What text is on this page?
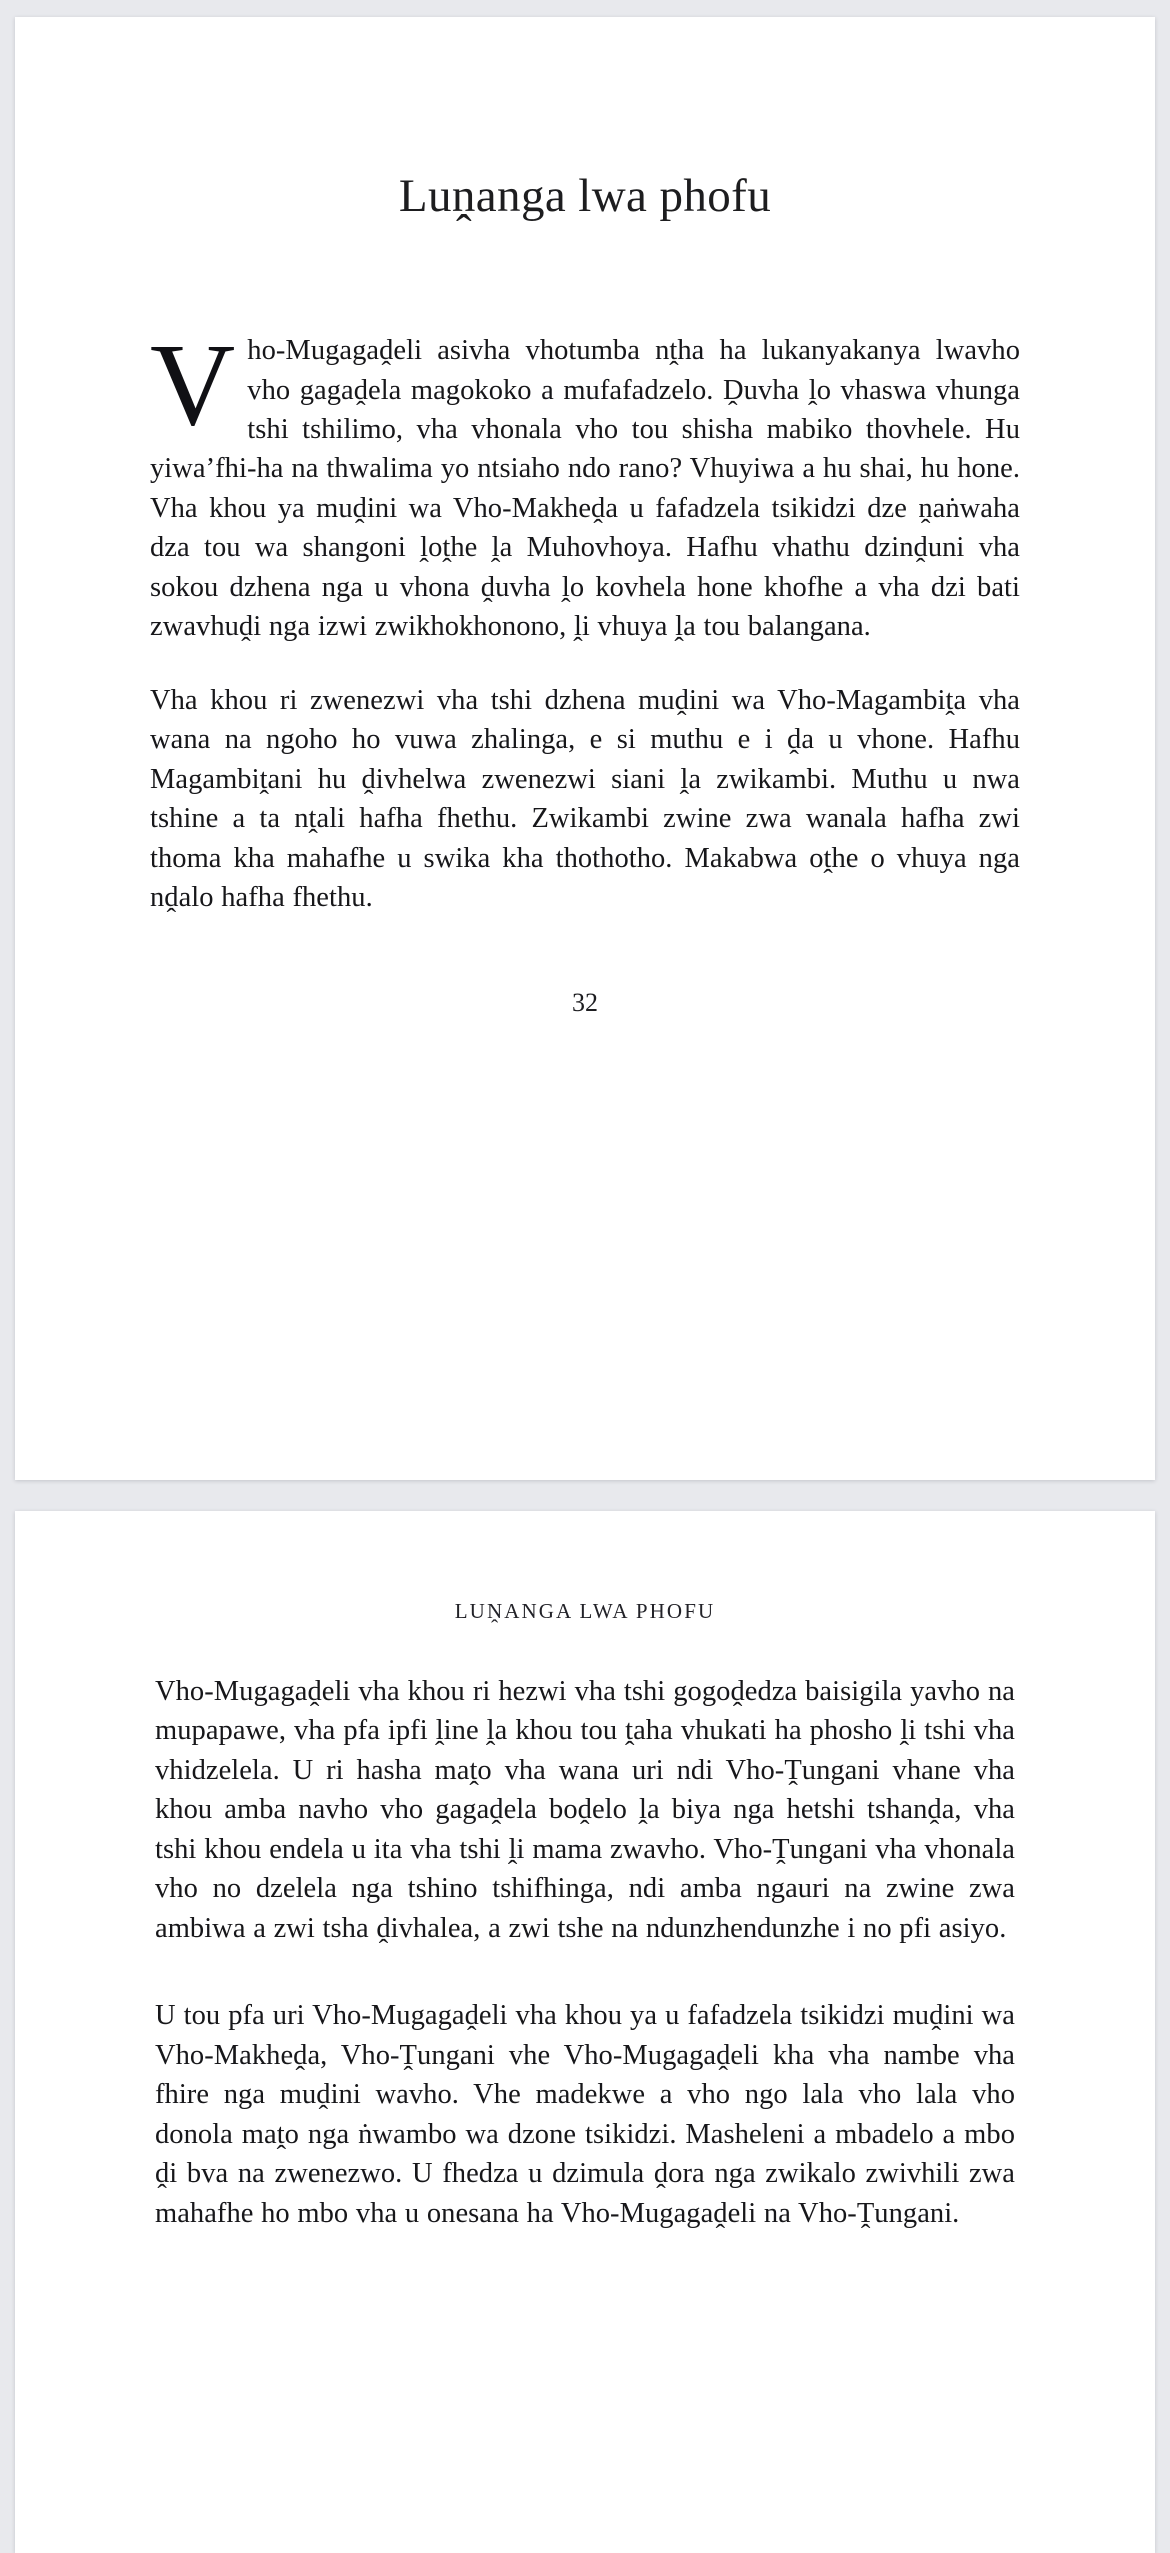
Luṋanga lwa phofu

Vho-Mugagaḓeli asivha vhotumba nṱha ha lukanyakanya lwavho vho gagaḓela magokoko a mufafadzelo. Ḓuvha ḽo vhaswa vhunga tshi tshilimo, vha vhonala vho tou shisha mabiko thovhele. Hu yiwa’fhi-ha na thwalima yo ntsiaho ndo rano? Vhuyiwa a hu shai, hu hone. Vha khou ya muḓini wa Vho-Makheḓa u fafadzela tsikidzi dze ṋaṅwaha dza tou wa shangoni ḽoṱhe ḽa Muhovhoya. Hafhu vhathu dzinḓuni vha sokou dzhena nga u vhona ḓuvha ḽo kovhela hone khofhe a vha dzi bati zwavhuḓi nga izwi zwikhokhonono, ḽi vhuya ḽa tou balangana.

Vha khou ri zwenezwi vha tshi dzhena muḓini wa Vho-Magambiṱa vha wana na ngoho ho vuwa zhalinga, e si muthu e i ḓa u vhone. Hafhu Magambiṱani hu ḓivhelwa zwenezwi siani ḽa zwikambi. Muthu u nwa tshine a ta nṱali hafha fhethu. Zwikambi zwine zwa wanala hafha zwi thoma kha mahafhe u swika kha thothotho. Makabwa oṱhe o vhuya nga nḓalo hafha fhethu.

32

LUṊANGA LWA PHOFU

Vho-Mugagaḓeli vha khou ri hezwi vha tshi gogoḓedza baisigila yavho na mupapawe, vha pfa ipfi ḽine ḽa khou tou ṱaha vhukati ha phosho ḽi tshi vha vhidzelela. U ri hasha maṱo vha wana uri ndi Vho-Ṱungani vhane vha khou amba navho vho gagaḓela boḓelo ḽa biya nga hetshi tshanḓa, vha tshi khou endela u ita vha tshi ḽi mama zwavho. Vho-Ṱungani vha vhonala vho no dzelela nga tshino tshifhinga, ndi amba ngauri na zwine zwa ambiwa a zwi tsha ḓivhalea, a zwi tshe na ndunzhendunzhe i no pfi asiyo.

U tou pfa uri Vho-Mugagaḓeli vha khou ya u fafadzela tsikidzi muḓini wa Vho-Makheḓa, Vho-Ṱungani vhe Vho-Mugagaḓeli kha vha nambe vha fhire nga muḓini wavho. Vhe madekwe a vho ngo lala vho lala vho donola maṱo nga ṅwambo wa dzone tsikidzi. Masheleni a mbadelo a mbo ḓi bva na zwenezwo. U fhedza u dzimula ḓora nga zwikalo zwivhili zwa mahafhe ho mbo vha u onesana ha Vho-Mugagaḓeli na Vho-Ṱungani.
